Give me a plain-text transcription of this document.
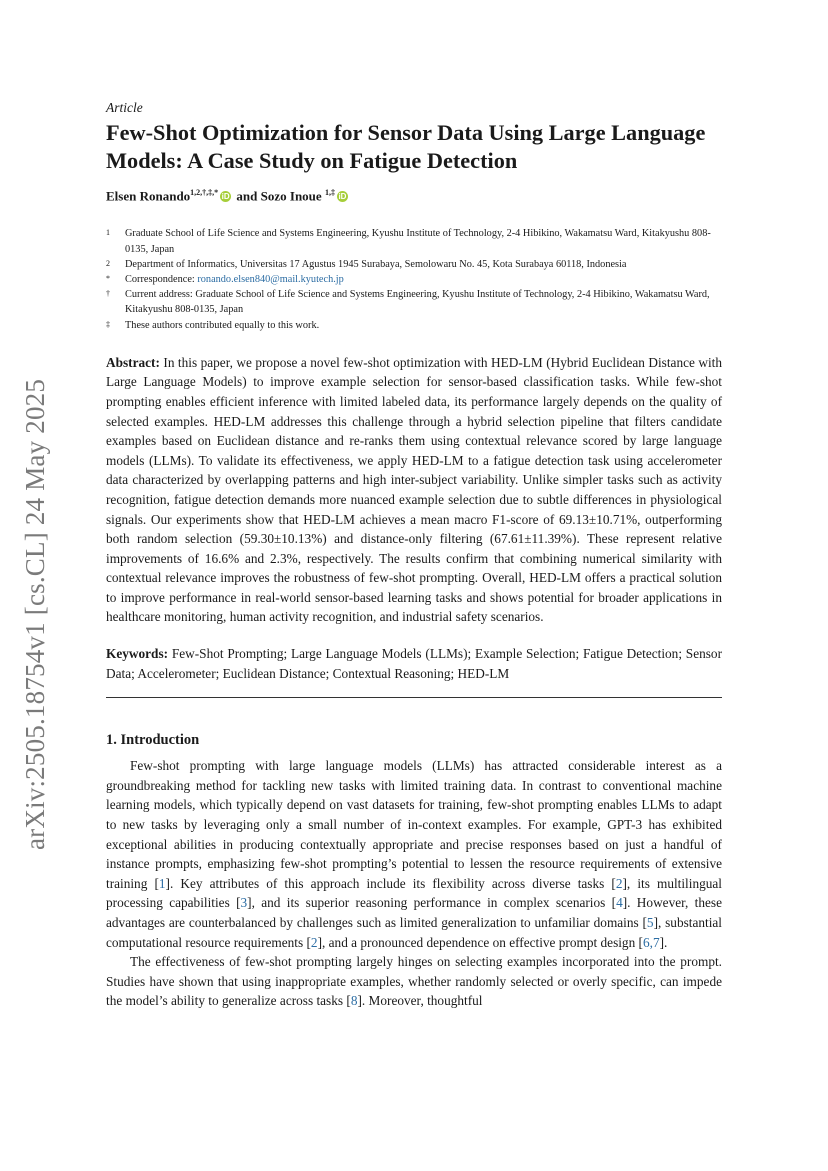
arXiv:2505.18754v1 [cs.CL] 24 May 2025
Article
Few-Shot Optimization for Sensor Data Using Large Language Models: A Case Study on Fatigue Detection
Elsen Ronando$^{1,2,\dagger,\ddagger,*}$ iD and Sozo Inoue $^{1,\ddagger}$ iD
1	Graduate School of Life Science and Systems Engineering, Kyushu Institute of Technology, 2-4 Hibikino, Wakamatsu Ward, Kitakyushu 808-0135, Japan
2	Department of Informatics, Universitas 17 Agustus 1945 Surabaya, Semolowaru No. 45, Kota Surabaya 60118, Indonesia
*	Correspondence: ronando.elsen840@mail.kyutech.jp
†	Current address: Graduate School of Life Science and Systems Engineering, Kyushu Institute of Technology, 2-4 Hibikino, Wakamatsu Ward, Kitakyushu 808-0135, Japan
‡	These authors contributed equally to this work.
Abstract: In this paper, we propose a novel few-shot optimization with HED-LM (Hybrid Euclidean Distance with Large Language Models) to improve example selection for sensor-based classification tasks. While few-shot prompting enables efficient inference with limited labeled data, its performance largely depends on the quality of selected examples. HED-LM addresses this challenge through a hybrid selection pipeline that filters candidate examples based on Euclidean distance and re-ranks them using contextual relevance scored by large language models (LLMs). To validate its effectiveness, we apply HED-LM to a fatigue detection task using accelerometer data characterized by overlapping patterns and high inter-subject variability. Unlike simpler tasks such as activity recognition, fatigue detection demands more nuanced example selection due to subtle differences in physiological signals. Our experiments show that HED-LM achieves a mean macro F1-score of 69.13±10.71%, outperforming both random selection (59.30±10.13%) and distance-only filtering (67.61±11.39%). These represent relative improvements of 16.6% and 2.3%, respectively. The results confirm that combining numerical similarity with contextual relevance improves the robustness of few-shot prompting. Overall, HED-LM offers a practical solution to improve performance in real-world sensor-based learning tasks and shows potential for broader applications in healthcare monitoring, human activity recognition, and industrial safety scenarios.
Keywords: Few-Shot Prompting; Large Language Models (LLMs); Example Selection; Fatigue Detection; Sensor Data; Accelerometer; Euclidean Distance; Contextual Reasoning; HED-LM
1. Introduction

Few-shot prompting with large language models (LLMs) has attracted considerable interest as a groundbreaking method for tackling new tasks with limited training data. In contrast to conventional machine learning models, which typically depend on vast datasets for training, few-shot prompting enables LLMs to adapt to new tasks by leveraging only a small number of in-context examples. For example, GPT-3 has exhibited exceptional abilities in producing contextually appropriate and precise responses based on just a handful of instance prompts, emphasizing few-shot prompting’s potential to lessen the resource requirements of extensive training [1]. Key attributes of this approach include its flexibility across diverse tasks [2], its multilingual processing capabilities [3], and its superior reasoning performance in complex scenarios [4]. However, these advantages are counterbalanced by challenges such as limited generalization to unfamiliar domains [5], substantial computational resource requirements [2], and a pronounced dependence on effective prompt design [6,7].

The effectiveness of few-shot prompting largely hinges on selecting examples incorporated into the prompt. Studies have shown that using inappropriate examples, whether randomly selected or overly specific, can impede the model’s ability to generalize across tasks [8]. Moreover, thoughtful
